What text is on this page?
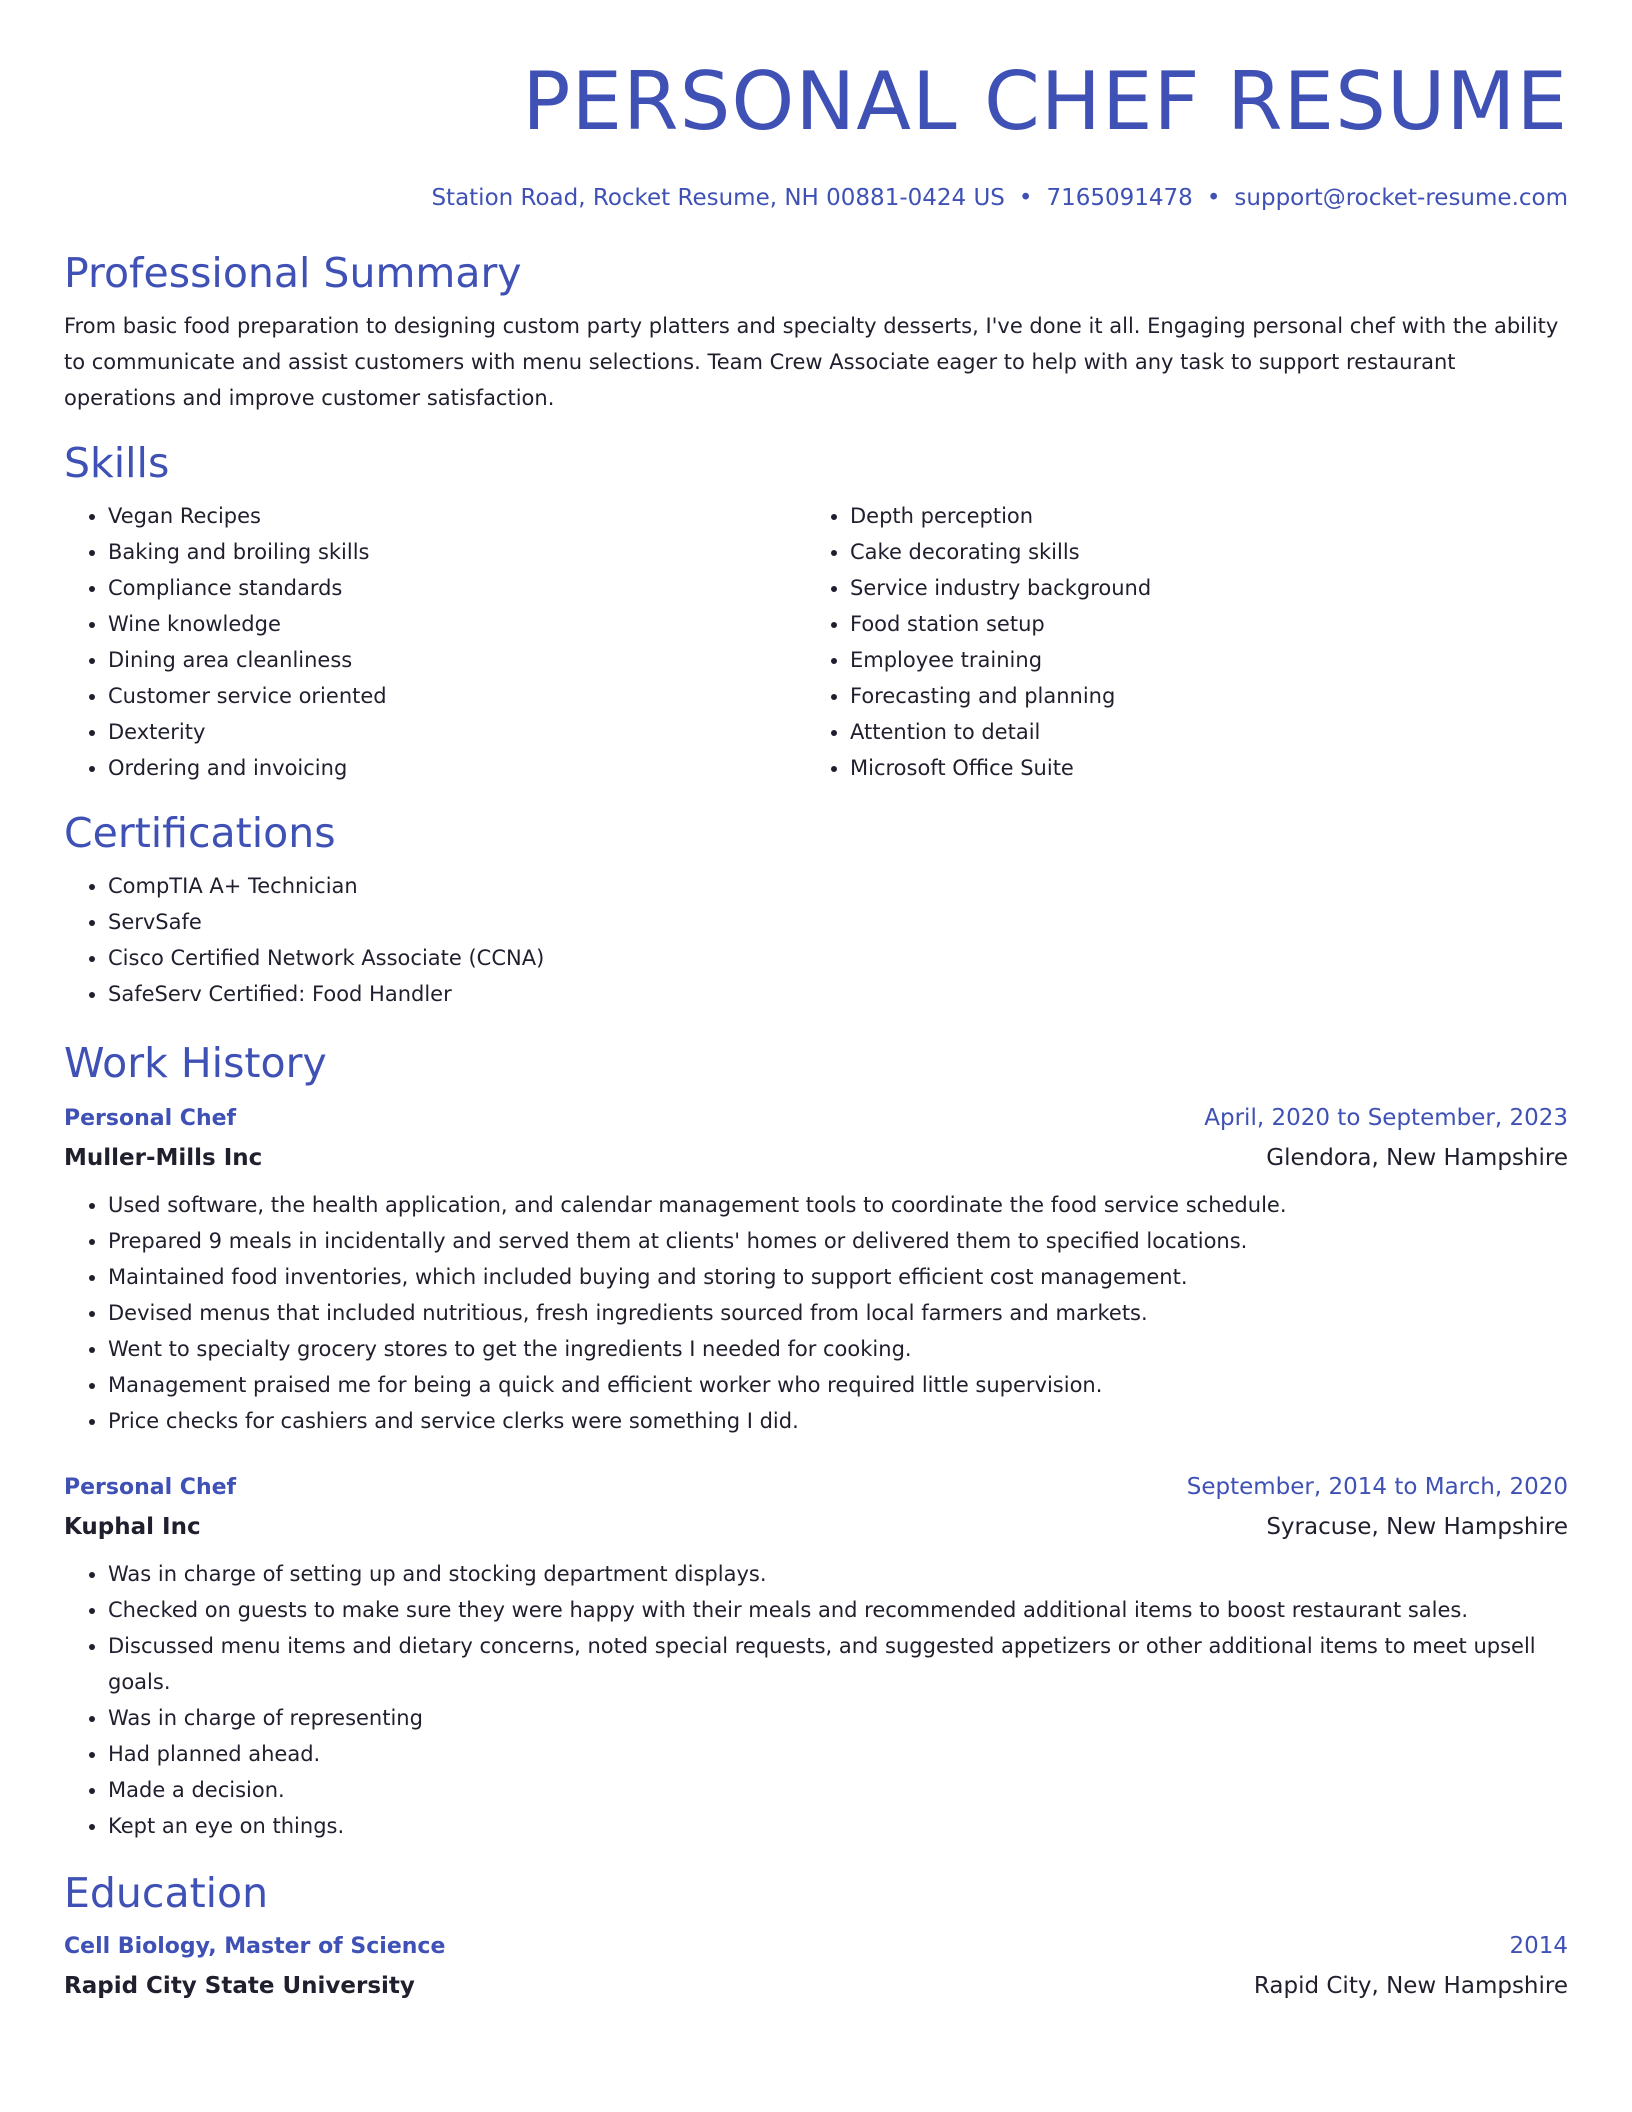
PERSONAL CHEF RESUME
Station Road, Rocket Resume, NH 00881-0424 US • 7165091478 • support@rocket-resume.com
Professional Summary

From basic food preparation to designing custom party platters and specialty desserts, I've done it all. Engaging personal chef with the ability to communicate and assist customers with menu selections. Team Crew Associate eager to help with any task to support restaurant operations and improve customer satisfaction.

Skills
• Vegan Recipes
• Baking and broiling skills
• Compliance standards
• Wine knowledge
• Dining area cleanliness
• Customer service oriented
• Dexterity
• Ordering and invoicing
• Depth perception
• Cake decorating skills
• Service industry background
• Food station setup
• Employee training
• Forecasting and planning
• Attention to detail
• Microsoft Office Suite
Certifications
• CompTIA A+ Technician
• ServSafe
• Cisco Certified Network Associate (CCNA)
• SafeServ Certified: Food Handler
Work History
Personal Chef	April, 2020 to September, 2023
Muller-Mills Inc	Glendora, New Hampshire
• Used software, the health application, and calendar management tools to coordinate the food service schedule.
• Prepared 9 meals in incidentally and served them at clients' homes or delivered them to specified locations.
• Maintained food inventories, which included buying and storing to support efficient cost management.
• Devised menus that included nutritious, fresh ingredients sourced from local farmers and markets.
• Went to specialty grocery stores to get the ingredients I needed for cooking.
• Management praised me for being a quick and efficient worker who required little supervision.
• Price checks for cashiers and service clerks were something I did.
Personal Chef	September, 2014 to March, 2020
Kuphal Inc	Syracuse, New Hampshire
• Was in charge of setting up and stocking department displays.
• Checked on guests to make sure they were happy with their meals and recommended additional items to boost restaurant sales.
• Discussed menu items and dietary concerns, noted special requests, and suggested appetizers or other additional items to meet upsell goals.
• Was in charge of representing
• Had planned ahead.
• Made a decision.
• Kept an eye on things.
Education
Cell Biology, Master of Science	2014
Rapid City State University	Rapid City, New Hampshire
